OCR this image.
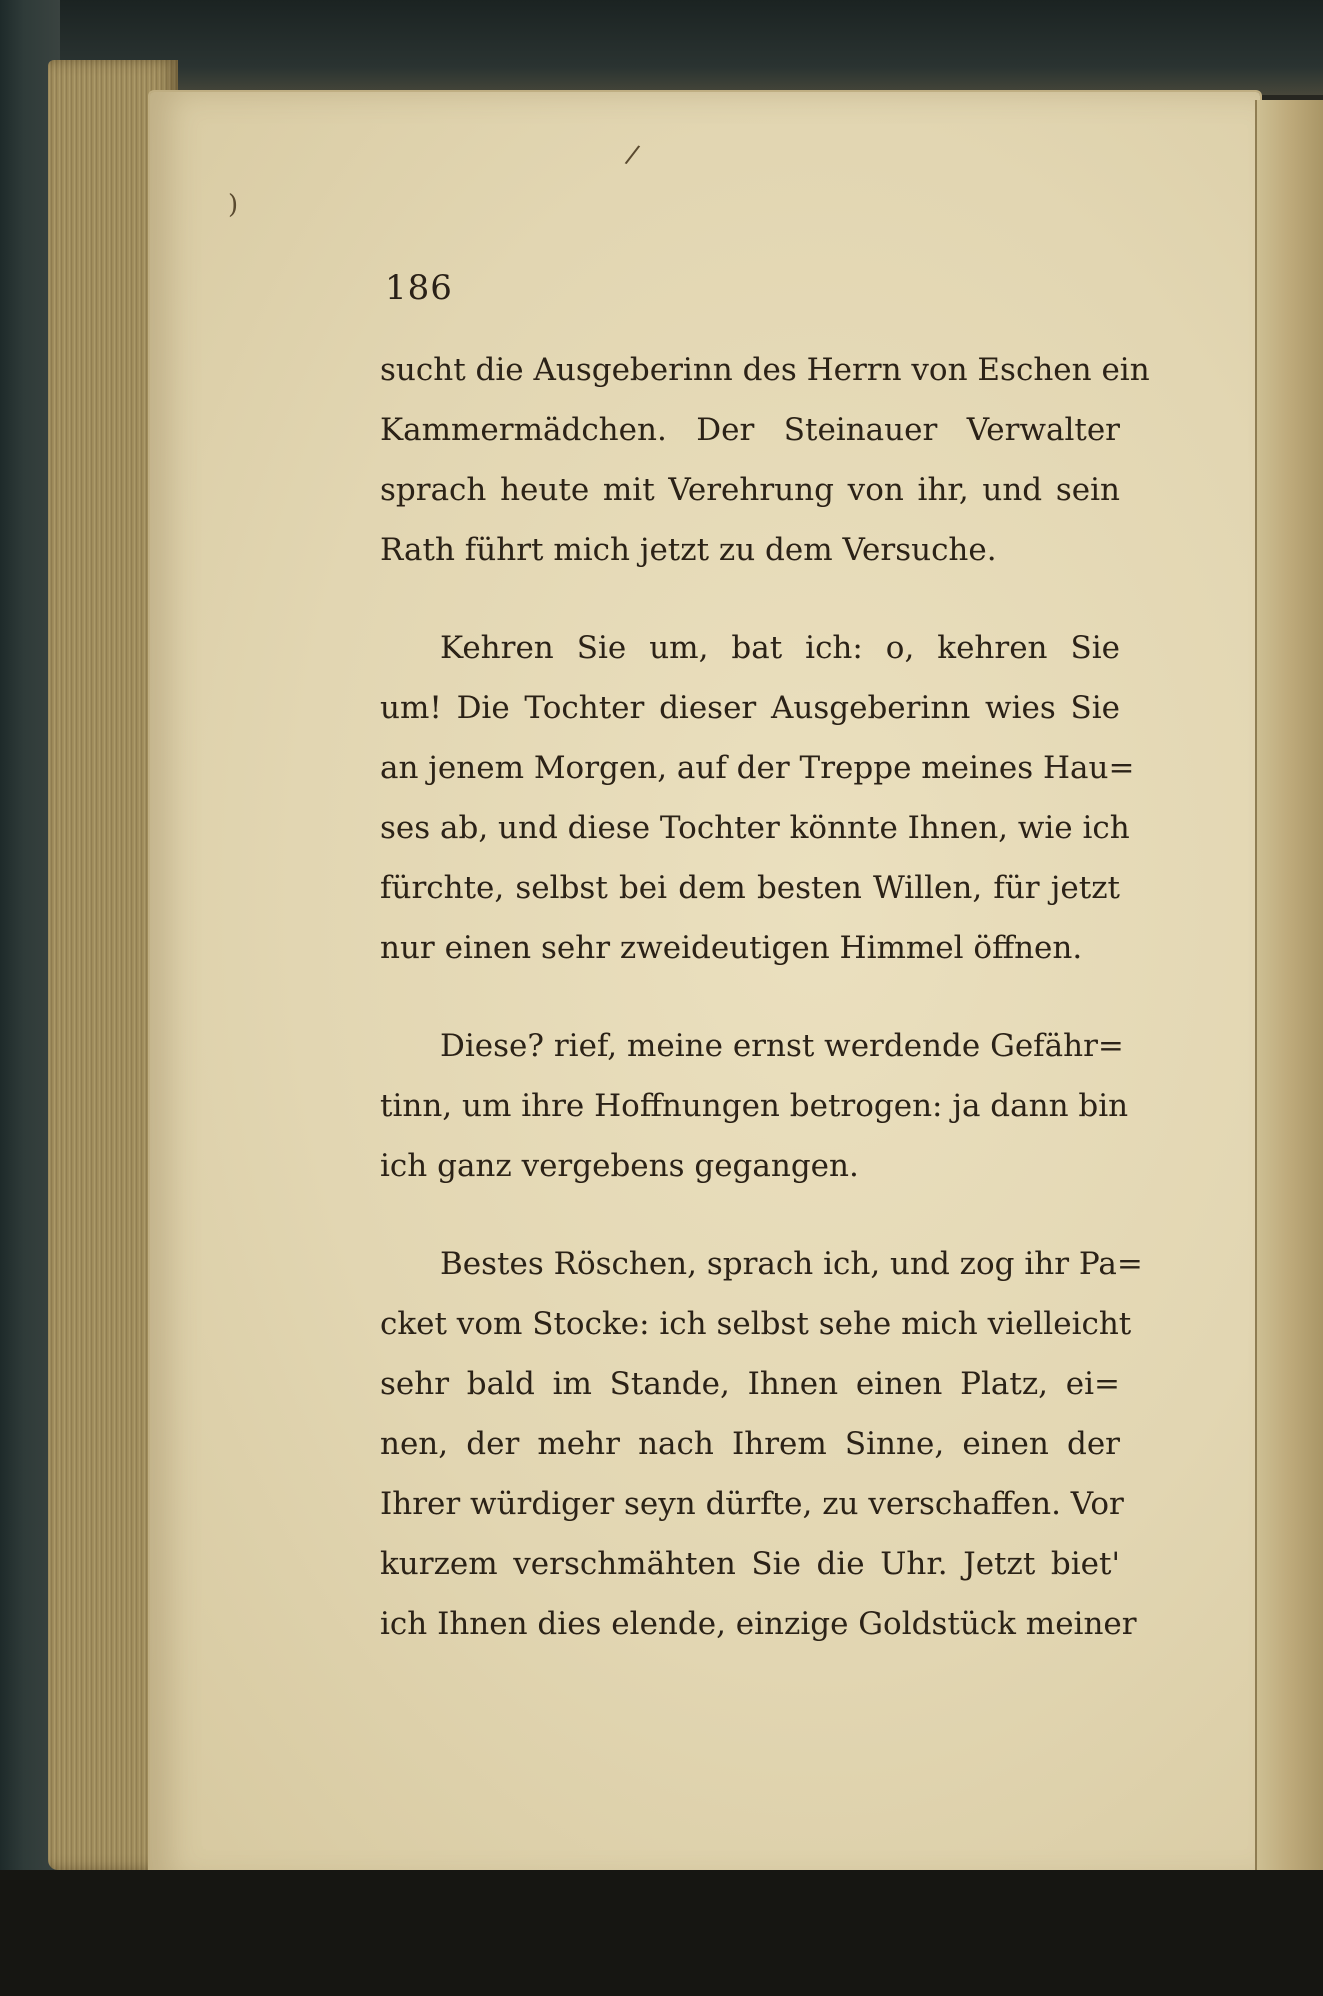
)
/
186
sucht die Ausgeberinn des Herrn von Eschen ein
Kammermädchen. Der Steinauer Verwalter
sprach heute mit Verehrung von ihr, und sein
Rath führt mich jetzt zu dem Versuche.
Kehren Sie um, bat ich: o, kehren Sie
um! Die Tochter dieser Ausgeberinn wies Sie
an jenem Morgen, auf der Treppe meines Hau=
ses ab, und diese Tochter könnte Ihnen, wie ich
fürchte, selbst bei dem besten Willen, für jetzt
nur einen sehr zweideutigen Himmel öffnen.
Diese? rief, meine ernst werdende Gefähr=
tinn, um ihre Hoffnungen betrogen: ja dann bin
ich ganz vergebens gegangen.
Bestes Röschen, sprach ich, und zog ihr Pa=
cket vom Stocke: ich selbst sehe mich vielleicht
sehr bald im Stande, Ihnen einen Platz, ei=
nen, der mehr nach Ihrem Sinne, einen der
Ihrer würdiger seyn dürfte, zu verschaffen. Vor
kurzem verschmähten Sie die Uhr. Jetzt biet'
ich Ihnen dies elende, einzige Goldstück meiner
